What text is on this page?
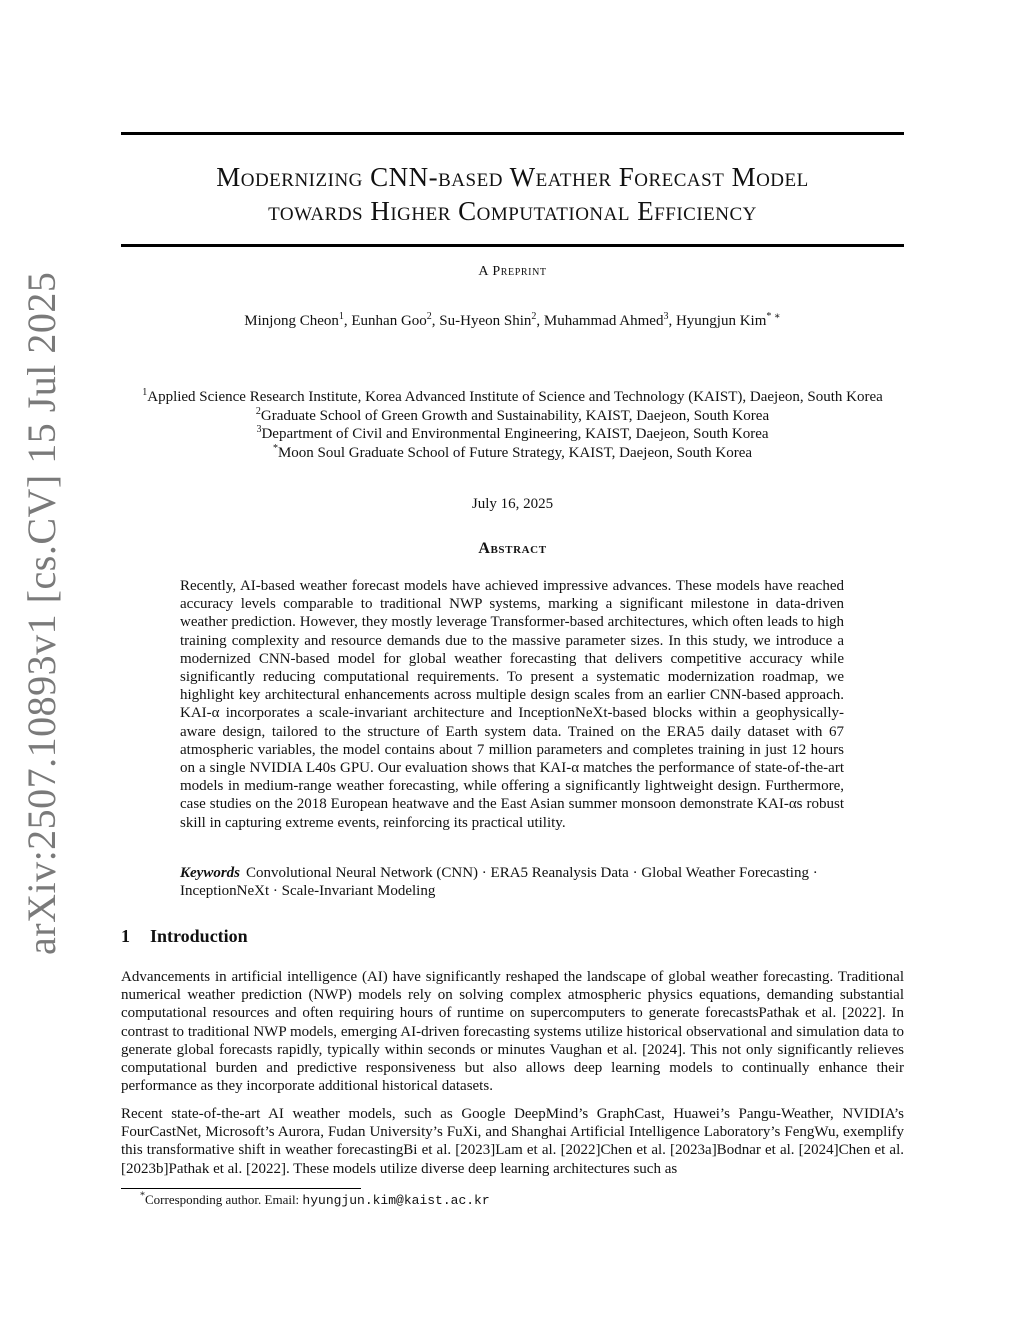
arXiv:2507.10893v1 [cs.CV] 15 Jul 2025
Modernizing CNN-based Weather Forecast Model
towards Higher Computational Efficiency
A Preprint
Minjong Cheon$^1$, Eunhan Goo$^2$, Su-Hyeon Shin$^2$, Muhammad Ahmed$^3$, Hyungjun Kim* ∗
$^1$Applied Science Research Institute, Korea Advanced Institute of Science and Technology (KAIST), Daejeon, South Korea
$^2$Graduate School of Green Growth and Sustainability, KAIST, Daejeon, South Korea
$^3$Department of Civil and Environmental Engineering, KAIST, Daejeon, South Korea
*Moon Soul Graduate School of Future Strategy, KAIST, Daejeon, South Korea
July 16, 2025
Abstract
Recently, AI-based weather forecast models have achieved impressive advances. These models have reached accuracy levels comparable to traditional NWP systems, marking a significant milestone in data-driven weather prediction. However, they mostly leverage Transformer-based architectures, which often leads to high training complexity and resource demands due to the massive parameter sizes. In this study, we introduce a modernized CNN-based model for global weather forecasting that delivers competitive accuracy while significantly reducing computational requirements. To present a systematic modernization roadmap, we highlight key architectural enhancements across multiple design scales from an earlier CNN-based approach. KAI-α incorporates a scale-invariant architecture and InceptionNeXt-based blocks within a geophysically-aware design, tailored to the structure of Earth system data. Trained on the ERA5 daily dataset with 67 atmospheric variables, the model contains about 7 million parameters and completes training in just 12 hours on a single NVIDIA L40s GPU. Our evaluation shows that KAI-α matches the performance of state-of-the-art models in medium-range weather forecasting, while offering a significantly lightweight design. Furthermore, case studies on the 2018 European heatwave and the East Asian summer monsoon demonstrate KAI-αs robust skill in capturing extreme events, reinforcing its practical utility.
Keywords Convolutional Neural Network (CNN) · ERA5 Reanalysis Data · Global Weather Forecasting · InceptionNeXt · Scale-Invariant Modeling
1 Introduction
Advancements in artificial intelligence (AI) have significantly reshaped the landscape of global weather forecasting. Traditional numerical weather prediction (NWP) models rely on solving complex atmospheric physics equations, demanding substantial computational resources and often requiring hours of runtime on supercomputers to generate forecastsPathak et al. [2022]. In contrast to traditional NWP models, emerging AI-driven forecasting systems utilize historical observational and simulation data to generate global forecasts rapidly, typically within seconds or minutes Vaughan et al. [2024]. This not only significantly relieves computational burden and predictive responsiveness but also allows deep learning models to continually enhance their performance as they incorporate additional historical datasets.
Recent state-of-the-art AI weather models, such as Google DeepMind’s GraphCast, Huawei’s Pangu-Weather, NVIDIA’s FourCastNet, Microsoft’s Aurora, Fudan University’s FuXi, and Shanghai Artificial Intelligence Laboratory’s FengWu, exemplify this transformative shift in weather forecastingBi et al. [2023]Lam et al. [2022]Chen et al. [2023a]Bodnar et al. [2024]Chen et al. [2023b]Pathak et al. [2022]. These models utilize diverse deep learning architectures such as
*Corresponding author. Email: hyungjun.kim@kaist.ac.kr
